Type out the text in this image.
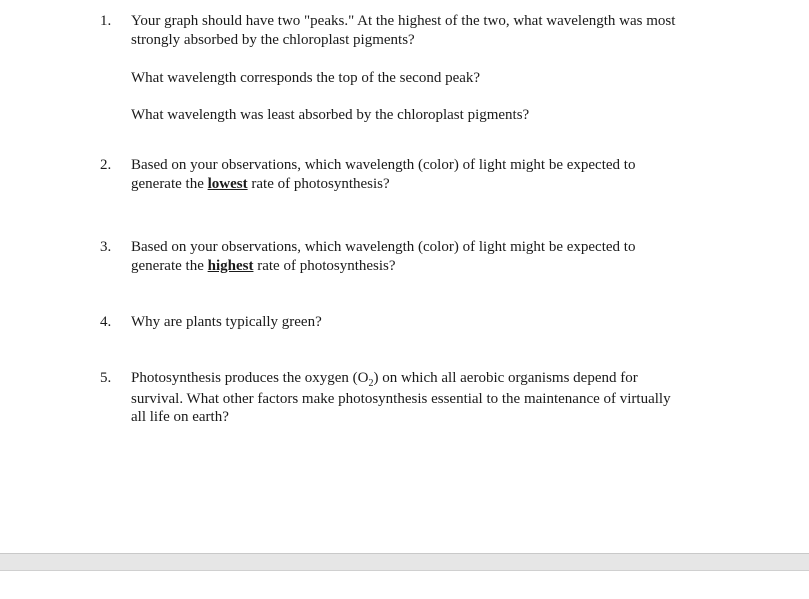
1. Your graph should have two "peaks." At the highest of the two, what wavelength was most
strongly absorbed by the chloroplast pigments?
What wavelength corresponds the top of the second peak?
What wavelength was least absorbed by the chloroplast pigments?
2. Based on your observations, which wavelength (color) of light might be expected to
generate the lowest rate of photosynthesis?
3. Based on your observations, which wavelength (color) of light might be expected to
generate the highest rate of photosynthesis?
4. Why are plants typically green?
5. Photosynthesis produces the oxygen $(O_2)$ on which all aerobic organisms depend for
survival. What other factors make photosynthesis essential to the maintenance of virtually
all life on earth?
